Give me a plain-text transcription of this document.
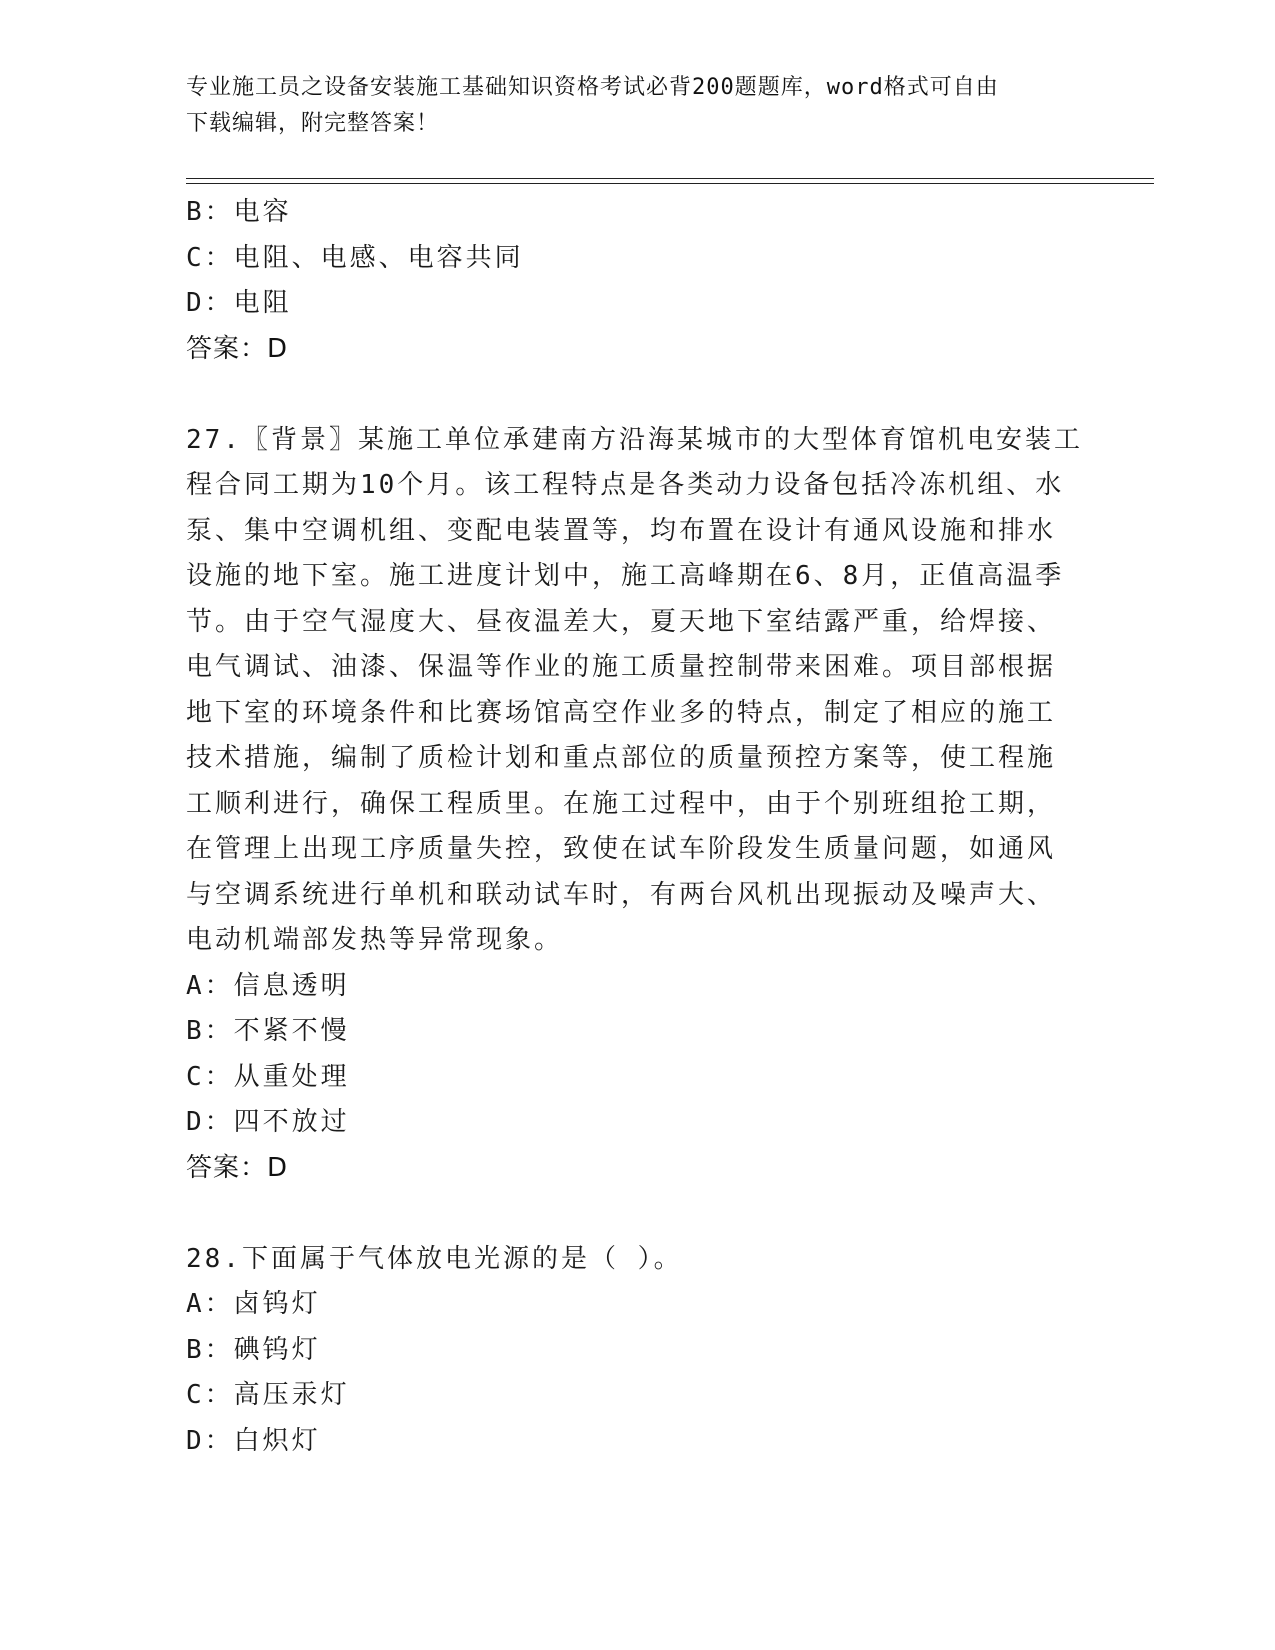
专业施工员之设备安装施工基础知识资格考试必背200题题库，word格式可自由
下载编辑，附完整答案！
B：电容
C：电阻、电感、电容共同
D：电阻
答案：D
27.〖背景〗某施工单位承建南方沿海某城市的大型体育馆机电安装工
程合同工期为10个月。该工程特点是各类动力设备包括冷冻机组、水
泵、集中空调机组、变配电装置等，均布置在设计有通风设施和排水
设施的地下室。施工进度计划中，施工高峰期在6、8月，正值高温季
节。由于空气湿度大、昼夜温差大，夏天地下室结露严重，给焊接、
电气调试、油漆、保温等作业的施工质量控制带来困难。项目部根据
地下室的环境条件和比赛场馆高空作业多的特点，制定了相应的施工
技术措施，编制了质检计划和重点部位的质量预控方案等，使工程施
工顺利进行，确保工程质里。在施工过程中，由于个别班组抢工期，
在管理上出现工序质量失控，致使在试车阶段发生质量问题，如通风
与空调系统进行单机和联动试车时，有两台风机出现振动及噪声大、
电动机端部发热等异常现象。
A：信息透明
B：不紧不慢
C：从重处理
D：四不放过
答案：D
28.下面属于气体放电光源的是（ ）。
A：卤钨灯
B：碘钨灯
C：高压汞灯
D：白炽灯
